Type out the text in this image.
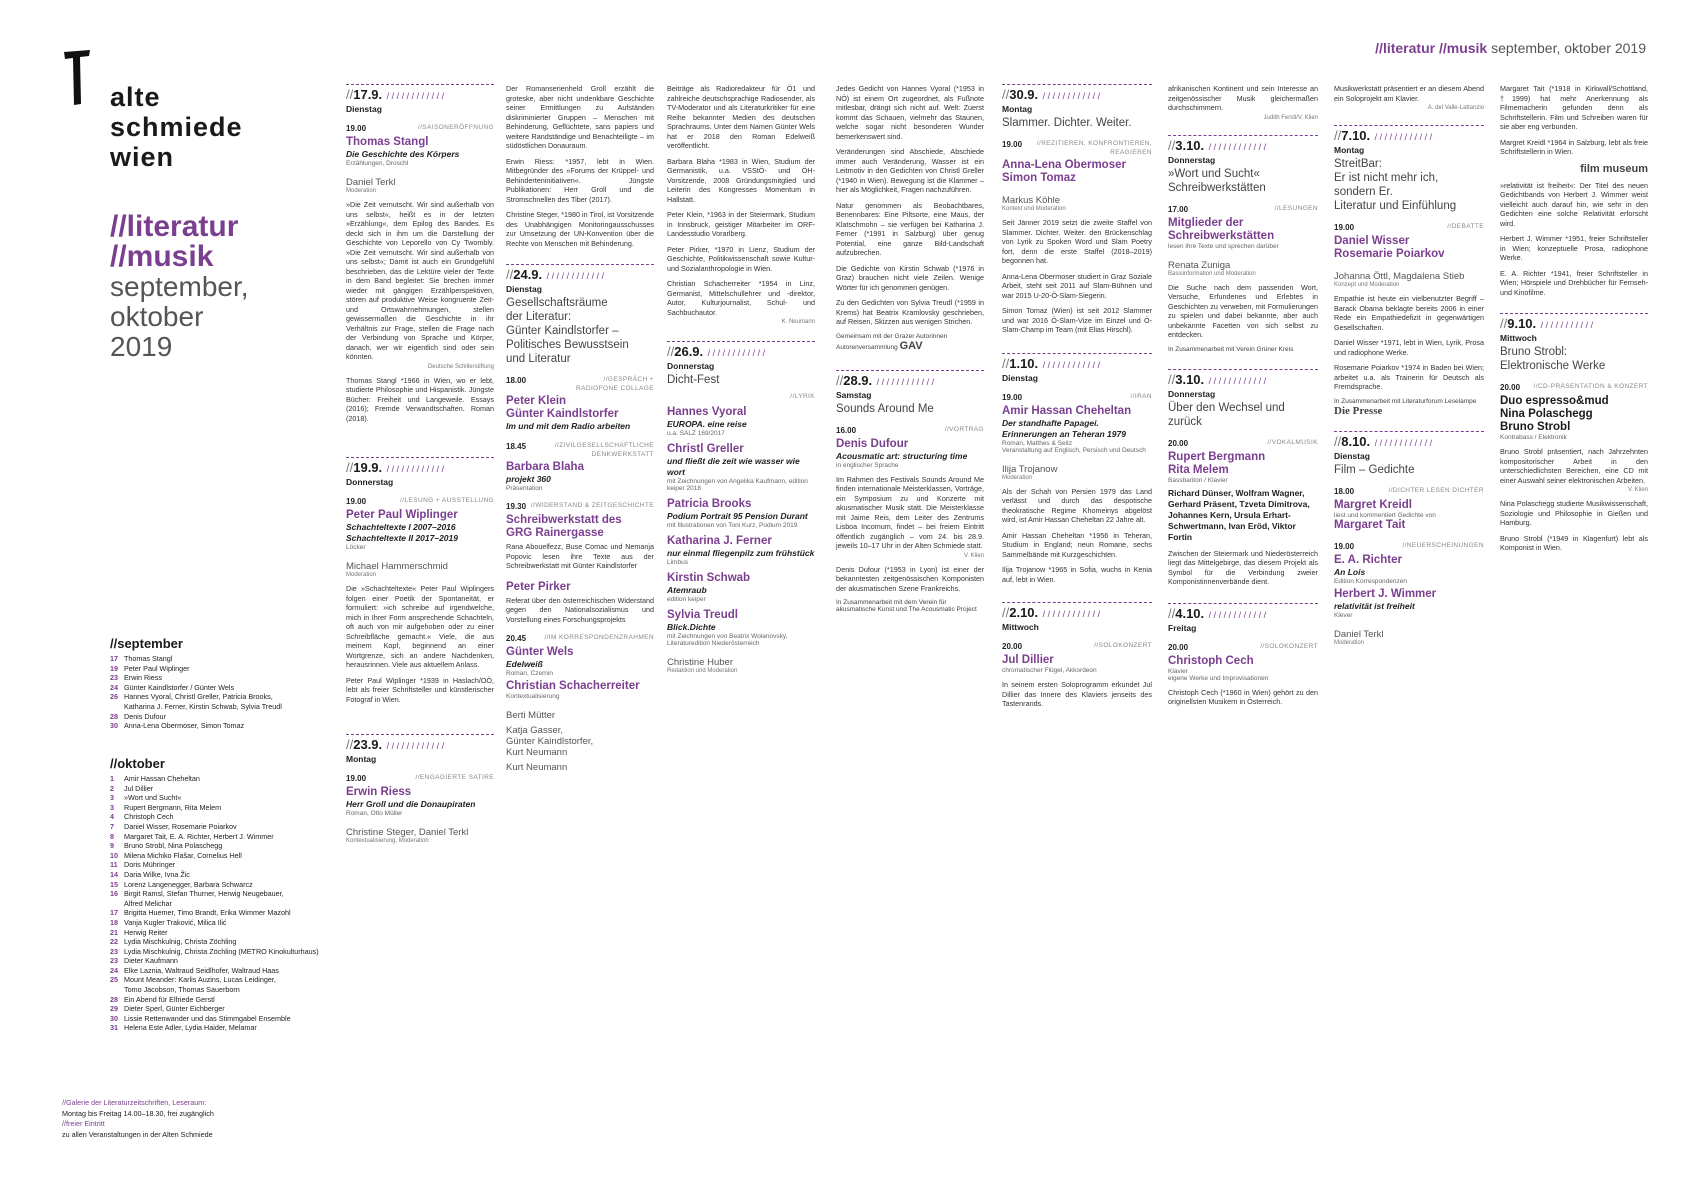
alte
schmiede
wien
//literatur
//musik
september,
oktober
2019
//september
17 Thomas Stangl
19 Peter Paul Wiplinger
23 Erwin Riess
24 Günter Kaindlstorfer / Günter Wels
26 Hannes Vyoral, Christl Greller, Patricia Brooks,
Katharina J. Ferner, Kirstin Schwab, Sylvia Treudl
28 Denis Dufour
30 Anna-Lena Obermoser, Simon Tomaz
//oktober
1 Amir Hassan Cheheltan
2 Jul Dillier
3 »Wort und Sucht«
3 Rupert Bergmann, Rita Melem
4 Christoph Cech
7 Daniel Wisser, Rosemarie Poiarkov
8 Margaret Tait, E. A. Richter, Herbert J. Wimmer
9 Bruno Strobl, Nina Polaschegg
10 Milena Michiko Flašar, Cornelius Hell
11 Doris Mühringer
14 Daria Wilke, Ivna Žic
15 Lorenz Langenegger, Barbara Schwarcz
16 Birgit Ramsl, Stefan Thurner, Herwig Neugebauer,
Alfred Melichar
17 Brigitta Huemer, Timo Brandt, Erika Wimmer Mazohl
18 Vanja Kugler Traković, Milica Ilić
21 Herwig Reiter
22 Lydia Mischkulnig, Christa Zöchling
23 Lydia Mischkulnig, Christa Zöchling (METRO Kinokulturhaus)
23 Dieter Kaufmann
24 Elke Laznia, Waltraud Seidlhofer, Waltraud Haas
25 Mount Meander: Karlis Auzins, Lucas Leidinger,
Tomo Jacobson, Thomas Sauerborn
28 Ein Abend für Elfriede Gerstl
29 Dieter Sperl, Günter Eichberger
30 Lissie Rettenwander und das Stimmgabel Ensemble
31 Helena Este Adler, Lydia Haider, Melamar
//Galerie der Literaturzeitschriften, Leseraum:
Montag bis Freitag 14.00–18.30, frei zugänglich
//freier Eintritt
zu allen Veranstaltungen in der Alten Schmiede
//literatur //musik september, oktober 2019
//17.9. / / / / / / / / / / / /
Dienstag
19.00	//SAISONERÖFFNUNG
Thomas Stangl
Die Geschichte des Körpers
Erzählungen, Droschl
Daniel Terkl
Moderation
»Die Zeit vernutscht. Wir sind außerhalb von uns selbst«, heißt es in der letzten »Erzählung«, dem Epilog des Bandes. Es deckt sich in ihm um die Darstellung der Geschichte von Leporello von Cy Twombly. »Die Zeit vernutscht. Wir sind außerhalb von uns selbst«; Damit ist auch ein Grundgefühl beschrieben, das die Lektüre vieler der Texte in dem Band begleitet: Sie brechen immer wieder mit gängigen Erzählperspektiven, stören auf produktive Weise kongruente Zeit- und Ortswahrnehmungen, stellen gewissermaßen die Geschichte in ihr Verhältnis zur Frage, stellen die Frage nach der Verbindung von Sprache und Körper, danach, wer wir eigentlich sind oder sein könnten.
Deutsche Schillerstiftung
Thomas Stangl *1966 in Wien, wo er lebt, studierte Philosophie und Hispanistik. Jüngste Bücher: Freiheit und Langeweile. Essays (2016); Fremde Verwandtschaften. Roman (2018).
//19.9. / / / / / / / / / / / /
Donnerstag
19.00	//LESUNG + AUSSTELLUNG
Peter Paul Wiplinger
Schachteltexte I 2007–2016
Schachteltexte II 2017–2019
Löcker
Michael Hammerschmid
Moderation
Die »Schachteltexte« Peter Paul Wiplingers folgen einer Poetik der Spontaneität, er formuliert: »ich schreibe auf irgendwelche, mich in Ihrer Form ansprechende Schachteln, oft auch von mir aufgehoben oder zu einer Schreibfläche gemacht.« Viele, die aus meinem Kopf, beginnend an einer Wortgrenze, sich an andere Nachdenken, herausrinnen. Viele aus aktuellem Anlass.
Peter Paul Wiplinger *1939 in Haslach/OÖ, lebt als freier Schriftsteller und künstlerischer Fotograf in Wien.
//23.9. / / / / / / / / / / / /
Montag
19.00	//ENGAGIERTE SATIRE
Erwin Riess
Herr Groll und die Donaupiraten
Roman, Otto Müller
Christine Steger, Daniel Terkl
Kontextualisierung, Moderation
Der Romanserienheld Groll erzählt die groteske, aber nicht undenkbare Geschichte seiner Ermittlungen zu Aufständen diskriminierter Gruppen – Menschen mit Behinderung, Geflüchtete, sans papiers und weitere Randständige und Benachteiligte – im südöstlichen Donauraum.
Erwin Riess: *1957, lebt in Wien. Mitbegründer des »Forums der Krüppel- und Behinderteninitiativen«. Jüngste Publikationen: Herr Groll und die Stromschnellen des Tiber (2017).
Christine Steger, *1980 in Tirol, ist Vorsitzende des Unabhängigen Monitoringausschusses zur Umsetzung der UN-Konvention über die Rechte von Menschen mit Behinderung.
//24.9. / / / / / / / / / / / /
Dienstag
Gesellschaftsräume
der Literatur:
Günter Kaindlstorfer –
Politisches Bewusstsein
und Literatur
18.00	//GESPRÄCH +
RADIOFONE COLLAGE
Peter Klein
Günter Kaindlstorfer
Im und mit dem Radio arbeiten
18.45	//ZIVILGESELLSCHAFTLICHE
DENKWERKSTATT
Barbara Blaha
projekt 360
Präsentation
19.30 //WIDERSTAND & ZEITGESCHICHTE
Schreibwerkstatt des
GRG Rainergasse
Rana Abouelfezz, Buse Comac und Nemanja Popovic lesen ihre Texte aus der Schreibwerkstatt mit Günter Kaindlstorfer
Peter Pirker
Referat über den österreichischen Widerstand gegen den Nationalsozialismus und Vorstellung eines Forschungsprojekts
20.45	//IM KORRESPONDENZRAHMEN
Günter Wels
Edelweiß
Roman, Czernin
Christian Schacherreiter
Kontextualisierung
Berti Mütter
Katja Gasser,
Günter Kaindlstorfer,
Kurt Neumann
Kurt Neumann
Beiträge als Radioredakteur für Ö1 und zahlreiche deutschsprachige Radiosender, als TV-Moderator und als Literaturkritiker für eine Reihe bekannter Medien des deutschen Sprachraums. Unter dem Namen Günter Wels hat er 2018 den Roman Edelweiß veröffentlicht.
Barbara Blaha *1983 in Wien, Studium der Germanistik, u.a. VSStÖ- und ÖH-Vorsitzende, 2008 Gründungsmitglied und Leiterin des Kongresses Momentum in Hallstatt.
Peter Klein, *1963 in der Steiermark, Studium in Innsbruck, geistiger Mitarbeiter im ORF-Landesstudio Vorarlberg.
Peter Pirker, *1970 in Lienz, Studium der Geschichte, Politikwissenschaft sowie Kultur- und Sozialanthropologie in Wien.
Christian Schacherreiter *1954 in Linz, Germanist, Mittelschullehrer und -direktor, Autor, Kulturjournalist, Schul- und Sachbuchautor.
K. Neumann
//26.9. / / / / / / / / / / / /
Donnerstag
Dicht-Fest
//LYRIK
Hannes Vyoral
EUROPA. eine reise
u.a. SALZ 169/2017
Christl Greller
und fließt die zeit wie wasser wie wort
mit Zeichnungen von Angelika Kaufmann, edition keiper 2018
Patricia Brooks
Podium Portrait 95 Pension Durant
mit Illustrationen von Toni Kurz, Podium 2019
Katharina J. Ferner
nur einmal fliegenpilz zum frühstück
Limbus
Kirstin Schwab
Atemraub
edition keiper
Sylvia Treudl
Blick.Dichte
mit Zeichnungen von Beatrix Wolanovsky, Literaturedition Niederösterreich
Christine Huber
Redaktion und Moderation
Jedes Gedicht von Hannes Vyoral (*1953 in NÖ) ist einem Ort zugeordnet, als Fußnote mitlesbar, drängt sich nicht auf. Welt: Zuerst kommt das Schauen, vielmehr das Staunen, welche sogar nicht besonderen Wunder bemerkenswert sind.
Veränderungen sind Abschiede, Abschiede immer auch Veränderung, Wasser ist ein Leitmotiv in den Gedichten von Christl Greller (*1940 in Wien). Bewegung ist die Klammer – hier als Möglichkeit, Fragen nachzuführen.
Natur genommen als Beobachtbares, Benennbares: Eine Piltsorte, eine Maus, der Klatschmohn – sie verfügen bei Katharina J. Ferner (*1991 in Salzburg) über genug Potential, eine ganze Bild-Landschaft aufzubrechen.
Die Gedichte von Kirstin Schwab (*1976 in Graz) brauchen nicht viele Zeilen. Wenige Wörter für ich genommen genügen.
Zu den Gedichten von Sylvia Treudl (*1959 in Krems) hat Beatrix Kramlovsky geschrieben, auf Reisen, Skizzen aus wenigen Strichen.
Gemeinsam mit der Grazer Autorinnen Autorenversammlung GAV
//28.9. / / / / / / / / / / / /
Samstag
Sounds Around Me
16.00	//VORTRAG
Denis Dufour
Acousmatic art: structuring time
in englischer Sprache
Im Rahmen des Festivals Sounds Around Me finden internationale Meisterklassen, Vorträge, ein Symposium zu und Konzerte mit akusmatischer Musik statt. Die Meisterklasse mit Jaime Reis, dem Leiter des Zentrums Lisboa Incomum, findet – bei freiem Eintritt öffentlich zugänglich – vom 24. bis 28.9. jeweils 10–17 Uhr in der Alten Schmiede statt.
V. Klien
Denis Dufour (*1953 in Lyon) ist einer der bekanntesten zeitgenössischen Komponisten der akusmatischen Szene Frankreichs.
In Zusammenarbeit mit dem Verein für akusmatische Kunst und The Acousmatic Project
//30.9. / / / / / / / / / / / /
Montag
Slammer. Dichter. Weiter.
19.00 //REZITIEREN, KONFRONTIEREN,
REAGIEREN
Anna-Lena Obermoser
Simon Tomaz
Markus Köhle
Kontext und Moderation
Seit Jänner 2019 setzt die zweite Staffel von Slammer. Dichter. Weiter. den Brückenschlag von Lyrik zu Spoken Word und Slam Poetry fort, denn die erste Staffel (2018–2019) begonnen hat.
Anna-Lena Obermoser studiert in Graz Soziale Arbeit, steht seit 2011 auf Slam-Bühnen und war 2015 U-20-Ö-Slam-Siegerin.
Simon Tomaz (Wien) ist seit 2012 Slammer und war 2016 Ö-Slam-Vize im Einzel und Ö-Slam-Champ im Team (mit Elias Hirschl).
//1.10. / / / / / / / / / / / /
Dienstag
19.00	//IRAN
Amir Hassan Cheheltan
Der standhafte Papagei.
Erinnerungen an Teheran 1979
Roman, Matthes & Seitz
Veranstaltung auf Englisch, Persisch und Deutsch
Ilija Trojanow
Moderation
Als der Schah von Persien 1979 das Land verlässt und durch das despotische theokratische Regime Khomeinys abgelöst wird, ist Amir Hassan Cheheltan 22 Jahre alt.
Amir Hassan Cheheltan *1956 in Teheran, Studium in England; neun Romane, sechs Sammelbände mit Kurzgeschichten.
Ilija Trojanow *1965 in Sofia, wuchs in Kenia auf, lebt in Wien.
//2.10. / / / / / / / / / / / /
Mittwoch
20.00	//SOLOKONZERT
Jul Dillier
chromatischer Flügel, Akkordeon
In seinem ersten Soloprogramm erkundet Jul Dillier das Innere des Klaviers jenseits des Tastenrands.
afrikanischen Kontinent und sein Interesse an zeitgenössischer Musik gleichermaßen durchschimmern.
Judith Ferstl/V. Klien
//3.10. / / / / / / / / / / / /
Donnerstag
»Wort und Sucht«
Schreibwerkstätten
17.00	//LESUNGEN
Mitglieder der
Schreibwerkstätten
lesen ihre Texte und sprechen darüber
Renata Zuniga
Basisinformation und Moderation
Die Suche nach dem passenden Wort, Versuche, Erfundenes und Erlebtes in Geschichten zu verweben, mit Formulierungen zu spielen und dabei bekannte, aber auch unbekannte Facetten von sich selbst zu entdecken.
In Zusammenarbeit mit Verein Grüner Kreis
//3.10. / / / / / / / / / / / /
Donnerstag
Über den Wechsel und
zurück
20.00	//VOKALMUSIK
Rupert Bergmann
Rita Melem
Bassbariton / Klavier
Richard Dünser, Wolfram Wagner, Gerhard Präsent, Tzveta Dimitrova, Johannes Kern, Ursula Erhart-Schwertmann, Ivan Eröd, Viktor Fortin
Zwischen der Steiermark und Niederösterreich liegt das Mittelgebirge, das diesem Projekt als Symbol für die Verbindung zweier Komponistinnenverbände dient.
//4.10. / / / / / / / / / / / /
Freitag
20.00	//SOLOKONZERT
Christoph Cech
Klavier
eigene Werke und Improvisationen
Christoph Cech (*1960 in Wien) gehört zu den originellsten Musikern in Österreich.
Musikwerkstatt präsentiert er an diesem Abend ein Soloprojekt am Klavier.
A. del Valle-Lattanzio
//7.10. / / / / / / / / / / / /
Montag
StreitBar:
Er ist nicht mehr ich,
sondern Er.
Literatur und Einfühlung
19.00	//DEBATTE
Daniel Wisser
Rosemarie Poiarkov
Johanna Öttl, Magdalena Stieb
Konzept und Moderation
Empathie ist heute ein vielbenutzter Begriff – Barack Obama beklagte bereits 2006 in einer Rede ein Empathiedefizit in gegenwärtigen Gesellschaften.
Daniel Wisser *1971, lebt in Wien, Lyrik, Prosa und radiophone Werke.
Rosemarie Poiarkov *1974 in Baden bei Wien; arbeitet u.a. als Trainerin für Deutsch als Fremdsprache.
In Zusammenarbeit mit Literaturforum Leselampe
Die Presse
//8.10. / / / / / / / / / / / /
Dienstag
Film – Gedichte
18.00	//DICHTER LESEN DICHTER
Margret Kreidl
liest und kommentiert Gedichte von
Margaret Tait
19.00	//NEUERSCHEINUNGEN
E. A. Richter
An Lois
Edition Korrespondenzen
Herbert J. Wimmer
relativität ist freiheit
Klever
Daniel Terkl
Moderation
Margaret Tait (*1918 in Kirkwall/Schottland, †1999) hat mehr Anerkennung als Filmemacherin gefunden denn als Schriftstellerin. Film und Schreiben waren für sie aber eng verbunden.
Margret Kreidl *1964 in Salzburg, lebt als freie Schriftstellerin in Wien.
film museum
»relativität ist freiheit«: Der Titel des neuen Gedichtbands von Herbert J. Wimmer weist vielleicht auch darauf hin, wie sehr in den Gedichten eine solche Relativität erforscht wird.
Herbert J. Wimmer *1951, freier Schriftsteller in Wien; konzeptuelle Prosa, radiophone Werke.
E. A. Richter *1941, freier Schriftsteller in Wien; Hörspiele und Drehbücher für Fernseh- und Kinofilme.
//9.10. / / / / / / / / / / /
Mittwoch
Bruno Strobl:
Elektronische Werke
20.00 //CD-PRÄSENTATION & KONZERT
Duo espresso&mud
Nina Polaschegg
Bruno Strobl
Kontrabass / Elektronik
Bruno Strobl präsentiert, nach Jahrzehnten kompositorischer Arbeit in den unterschiedlichsten Bereichen, eine CD mit einer Auswahl seiner elektronischen Arbeiten.
V. Klien
Nina Polaschegg studierte Musikwissenschaft, Soziologie und Philosophie in Gießen und Hamburg.
Bruno Strobl (*1949 in Klagenfurt) lebt als Komponist in Wien.
